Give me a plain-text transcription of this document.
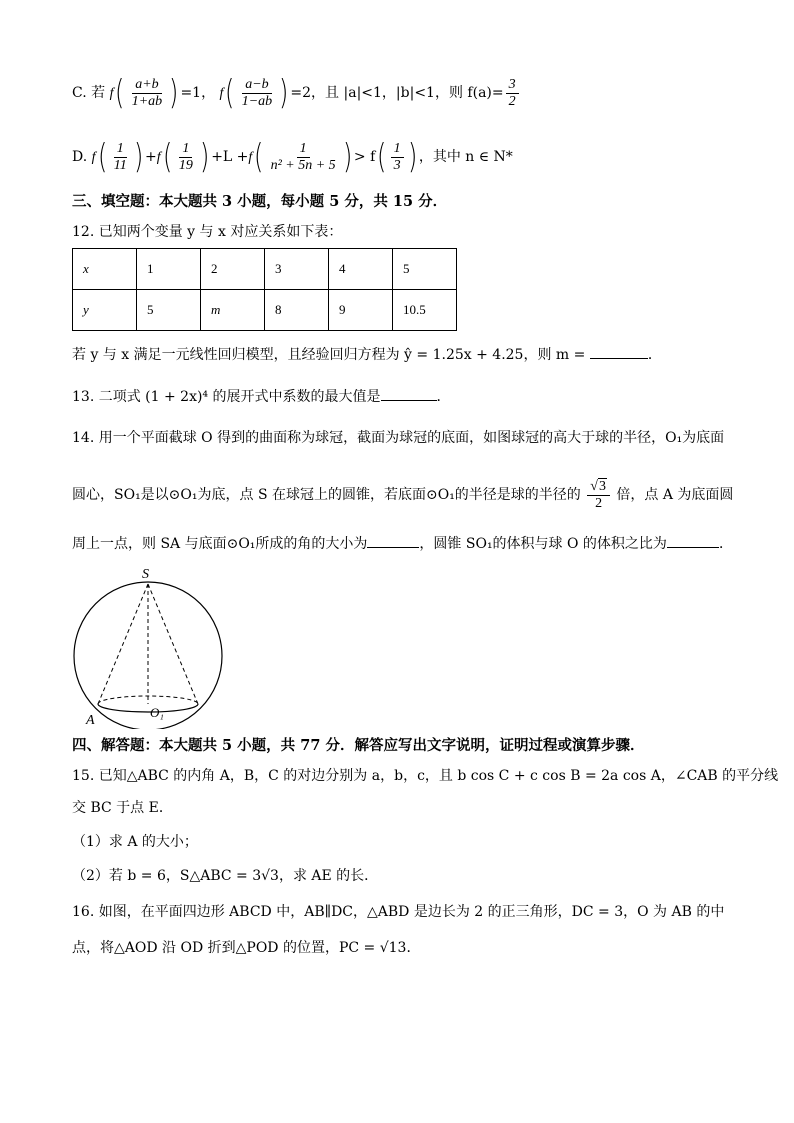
C. 若 $f( \frac{a+b}{1+ab}$ ) =1， $f( \frac{a-b}{1-ab}$ ) =2，且 |a|<1，|b|<1，则 $f(a)= \frac{3}{2}$
D. $f( \frac{1}{11}$ ) $+f( \frac{1}{19}$ ) $+L +f( \frac{1}{\text{n² + 5n + 5}}$ ) > $f( \frac{1}{3}$ ) ，其中 n ∈ N*
三、填空题：本大题共 3 小题，每小题 5 分，共 15 分．
12. 已知两个变量 y 与 x 对应关系如下表：
x	1	2	3	4	5
y	5	m	8	9	10.5
若 y 与 x 满足一元线性回归模型，且经验回归方程为 ŷ = 1.25x + 4.25，则 m =	．
13. 二项式 (1 + 2x)⁴ 的展开式中系数的最大值是	．
14. 用一个平面截球 O 得到的曲面称为球冠，截面为球冠的底面，如图球冠的高大于球的半径，O₁为底面
圆心，SO₁是以⊙O₁为底，点 S 在球冠上的圆锥，若底面⊙O₁的半径是球的半径的 $\frac{√3}{2}$ 倍，点 A 为底面圆
周上一点，则 SA 与底面⊙O₁所成的角的大小为	，圆锥 SO₁的体积与球 O 的体积之比为	．
S
A
O₁
四、解答题：本大题共 5 小题，共 77 分．解答应写出文字说明，证明过程或演算步骤．
15. 已知△ABC 的内角 A，B，C 的对边分别为 a，b，c，且 b cos C + c cos B = 2a cos A，∠CAB 的平分线
交 BC 于点 E．
（1）求 A 的大小；
（2）若 b = 6，S△ABC = 3√3，求 AE 的长．
16. 如图，在平面四边形 ABCD 中，AB∥DC，△ABD 是边长为 2 的正三角形，DC = 3，O 为 AB 的中
点，将△AOD 沿 OD 折到△POD 的位置，PC = √13．
